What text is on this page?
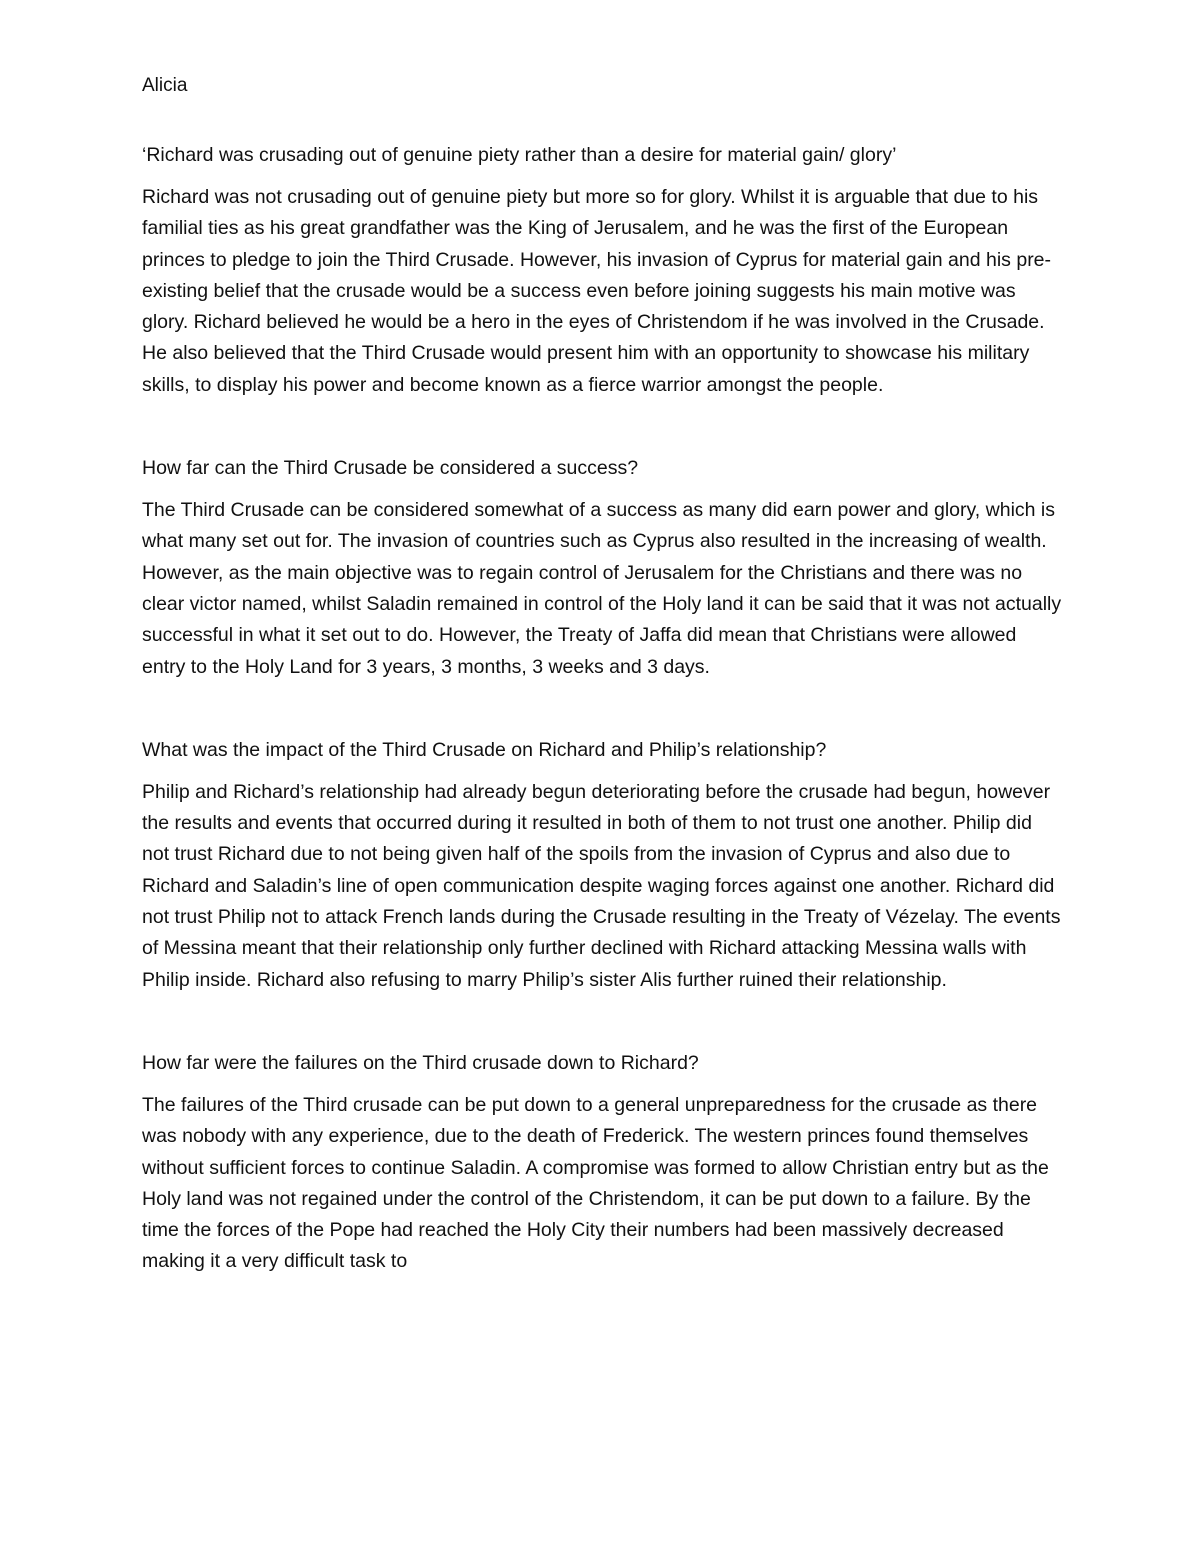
Alicia

‘Richard was crusading out of genuine piety rather than a desire for material gain/ glory’

Richard was not crusading out of genuine piety but more so for glory. Whilst it is arguable that due to his familial ties as his great grandfather was the King of Jerusalem, and he was the first of the European princes to pledge to join the Third Crusade. However, his invasion of Cyprus for material gain and his pre-existing belief that the crusade would be a success even before joining suggests his main motive was glory. Richard believed he would be a hero in the eyes of Christendom if he was involved in the Crusade. He also believed that the Third Crusade would present him with an opportunity to showcase his military skills, to display his power and become known as a fierce warrior amongst the people.

How far can the Third Crusade be considered a success?

The Third Crusade can be considered somewhat of a success as many did earn power and glory, which is what many set out for. The invasion of countries such as Cyprus also resulted in the increasing of wealth. However, as the main objective was to regain control of Jerusalem for the Christians and there was no clear victor named, whilst Saladin remained in control of the Holy land it can be said that it was not actually successful in what it set out to do. However, the Treaty of Jaffa did mean that Christians were allowed entry to the Holy Land for 3 years, 3 months, 3 weeks and 3 days.

What was the impact of the Third Crusade on Richard and Philip’s relationship?

Philip and Richard’s relationship had already begun deteriorating before the crusade had begun, however the results and events that occurred during it resulted in both of them to not trust one another. Philip did not trust Richard due to not being given half of the spoils from the invasion of Cyprus and also due to Richard and Saladin’s line of open communication despite waging forces against one another. Richard did not trust Philip not to attack French lands during the Crusade resulting in the Treaty of Vézelay. The events of Messina meant that their relationship only further declined with Richard attacking Messina walls with Philip inside. Richard also refusing to marry Philip’s sister Alis further ruined their relationship.

How far were the failures on the Third crusade down to Richard?

The failures of the Third crusade can be put down to a general unpreparedness for the crusade as there was nobody with any experience, due to the death of Frederick. The western princes found themselves without sufficient forces to continue Saladin. A compromise was formed to allow Christian entry but as the Holy land was not regained under the control of the Christendom, it can be put down to a failure. By the time the forces of the Pope had reached the Holy City their numbers had been massively decreased making it a very difficult task to
